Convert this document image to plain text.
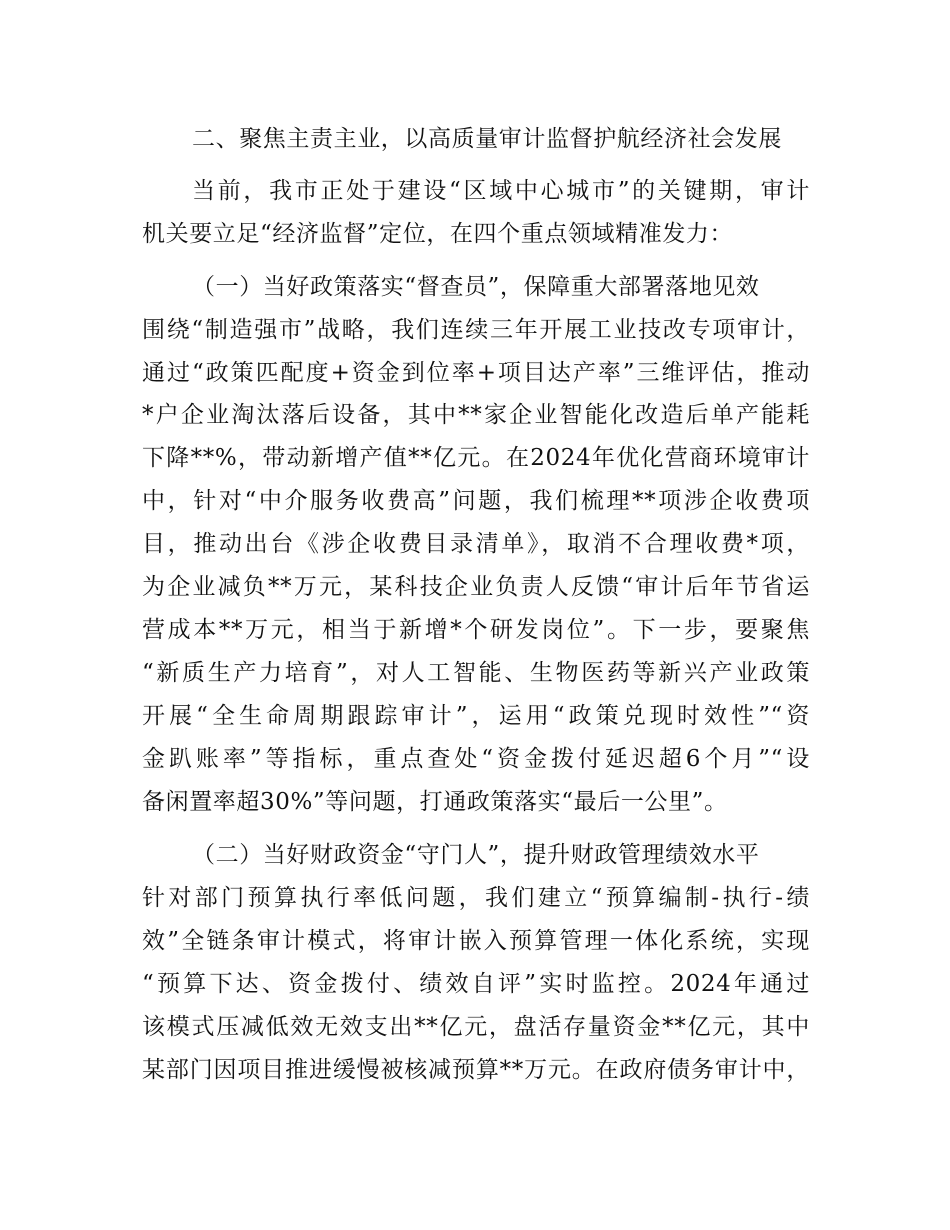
二、聚焦主责主业，以高质量审计监督护航经济社会发展
当前，我市正处于建设“区域中心城市”的关键期，审计
机关要立足“经济监督”定位，在四个重点领域精准发力：
（一）当好政策落实“督查员”，保障重大部署落地见效
围绕“制造强市”战略，我们连续三年开展工业技改专项审计，
通过“政策匹配度+资金到位率+项目达产率”三维评估，推动
*户企业淘汰落后设备，其中**家企业智能化改造后单产能耗
下降**%，带动新增产值**亿元。在2024年优化营商环境审计
中，针对“中介服务收费高”问题，我们梳理**项涉企收费项
目，推动出台《涉企收费目录清单》，取消不合理收费*项，
为企业减负**万元，某科技企业负责人反馈“审计后年节省运
营成本**万元，相当于新增*个研发岗位”。下一步，要聚焦
“新质生产力培育”，对人工智能、生物医药等新兴产业政策
开展“全生命周期跟踪审计”，运用“政策兑现时效性”“资
金趴账率”等指标，重点查处“资金拨付延迟超6个月”“设
备闲置率超30%”等问题，打通政策落实“最后一公里”。
（二）当好财政资金“守门人”，提升财政管理绩效水平
针对部门预算执行率低问题，我们建立“预算编制-执行-绩
效”全链条审计模式，将审计嵌入预算管理一体化系统，实现
“预算下达、资金拨付、绩效自评”实时监控。2024年通过
该模式压减低效无效支出**亿元，盘活存量资金**亿元，其中
某部门因项目推进缓慢被核减预算**万元。在政府债务审计中，
